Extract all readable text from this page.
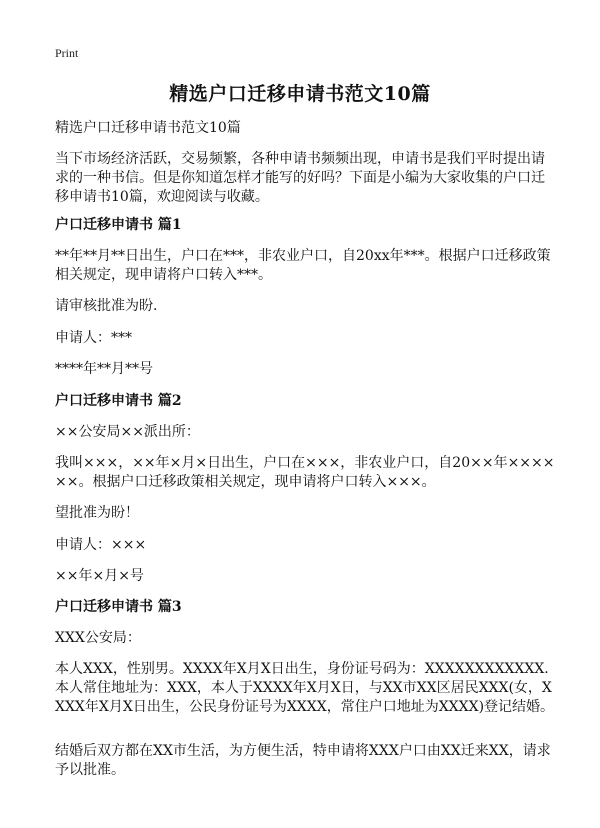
Print
精选户口迁移申请书范文10篇
精选户口迁移申请书范文10篇
当下市场经济活跃，交易频繁，各种申请书频频出现，申请书是我们平时提出请求的一种书信。但是你知道怎样才能写的好吗？下面是小编为大家收集的户口迁移申请书10篇，欢迎阅读与收藏。
户口迁移申请书 篇1
**年**月**日出生，户口在***，非农业户口，自20xx年***。根据户口迁移政策相关规定，现申请将户口转入***。
请审核批准为盼.
申请人：***
****年**月**号
户口迁移申请书 篇2
××公安局××派出所：
我叫×××，××年×月×日出生，户口在×××，非农业户口，自20××年××××××。根据户口迁移政策相关规定，现申请将户口转入×××。
望批准为盼！
申请人：×××
××年×月×号
户口迁移申请书 篇3
XXX公安局：
本人XXX，性别男。XXXX年X月X日出生，身份证号码为：XXXXXXXXXXXX. 本人常住地址为：XXX，本人于XXXX年X月X日，与XX市XX区居民XXX(女，XXXX年X月X日出生，公民身份证号为XXXX，常住户口地址为XXXX)登记结婚。
结婚后双方都在XX市生活，为方便生活，特申请将XXX户口由XX迁来XX，请求予以批准。
